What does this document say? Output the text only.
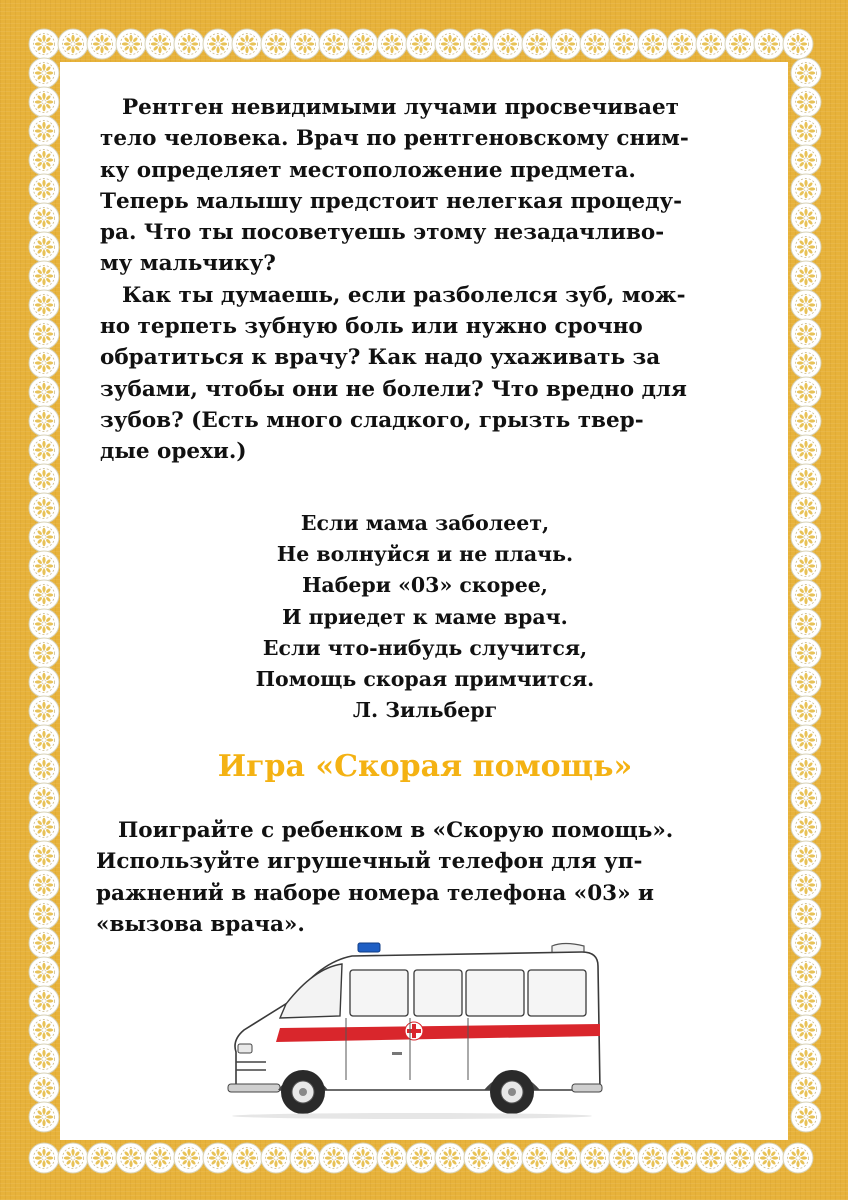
Рентген невидимыми лучами просвечивает
тело человека. Врач по рентгеновскому сним-
ку определяет местоположение предмета.
Теперь малышу предстоит нелегкая процеду-
ра. Что ты посоветуешь этому незадачливо-
му мальчику?

Как ты думаешь, если разболелся зуб, мож-
но терпеть зубную боль или нужно срочно
обратиться к врачу? Как надо ухаживать за
зубами, чтобы они не болели? Что вредно для
зубов? (Есть много сладкого, грызть твер-
дые орехи.)

Если мама заболеет,
Не волнуйся и не плачь.
Набери «03» скорее,
И приедет к маме врач.
Если что-нибудь случится,
Помощь скорая примчится.
Л. Зильберг
Игра «Скорая помощь»

Поиграйте с ребенком в «Скорую помощь».
Используйте игрушечный телефон для уп-
ражнений в наборе номера телефона «03» и
«вызова врача».
